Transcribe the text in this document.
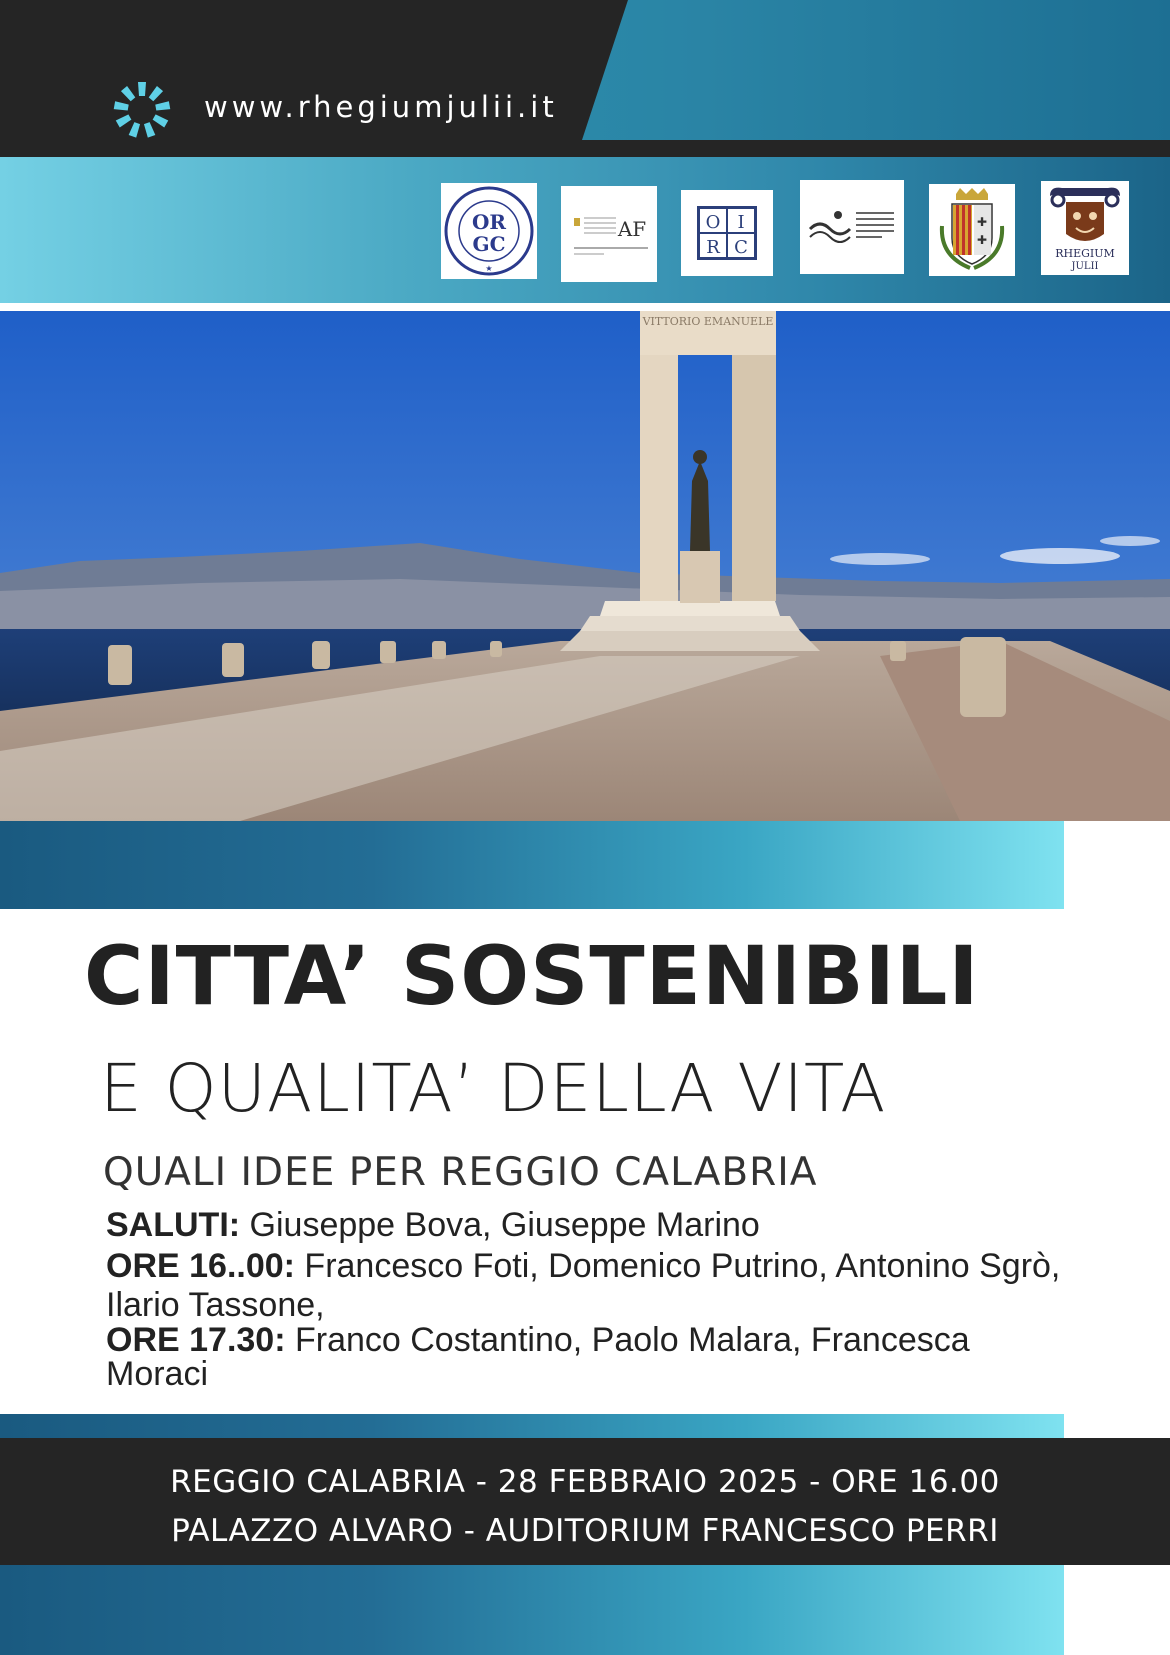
www.rhegiumjulii.it
OR
GC
★
AF	O I
R C
✚
✚
RHEGIUM
JULII
VITTORIO EMANUELE
CITTA’ SOSTENIBILI
E QUALITA’ DELLA VITA
QUALI IDEE PER REGGIO CALABRIA
SALUTI: Giuseppe Bova, Giuseppe Marino
ORE 16..00: Francesco Foti, Domenico Putrino, Antonino Sgrò,
Ilario Tassone,
ORE 17.30: Franco Costantino, Paolo Malara, Francesca
Moraci
REGGIO CALABRIA - 28 FEBBRAIO 2025 - ORE 16.00
PALAZZO ALVARO - AUDITORIUM FRANCESCO PERRI
